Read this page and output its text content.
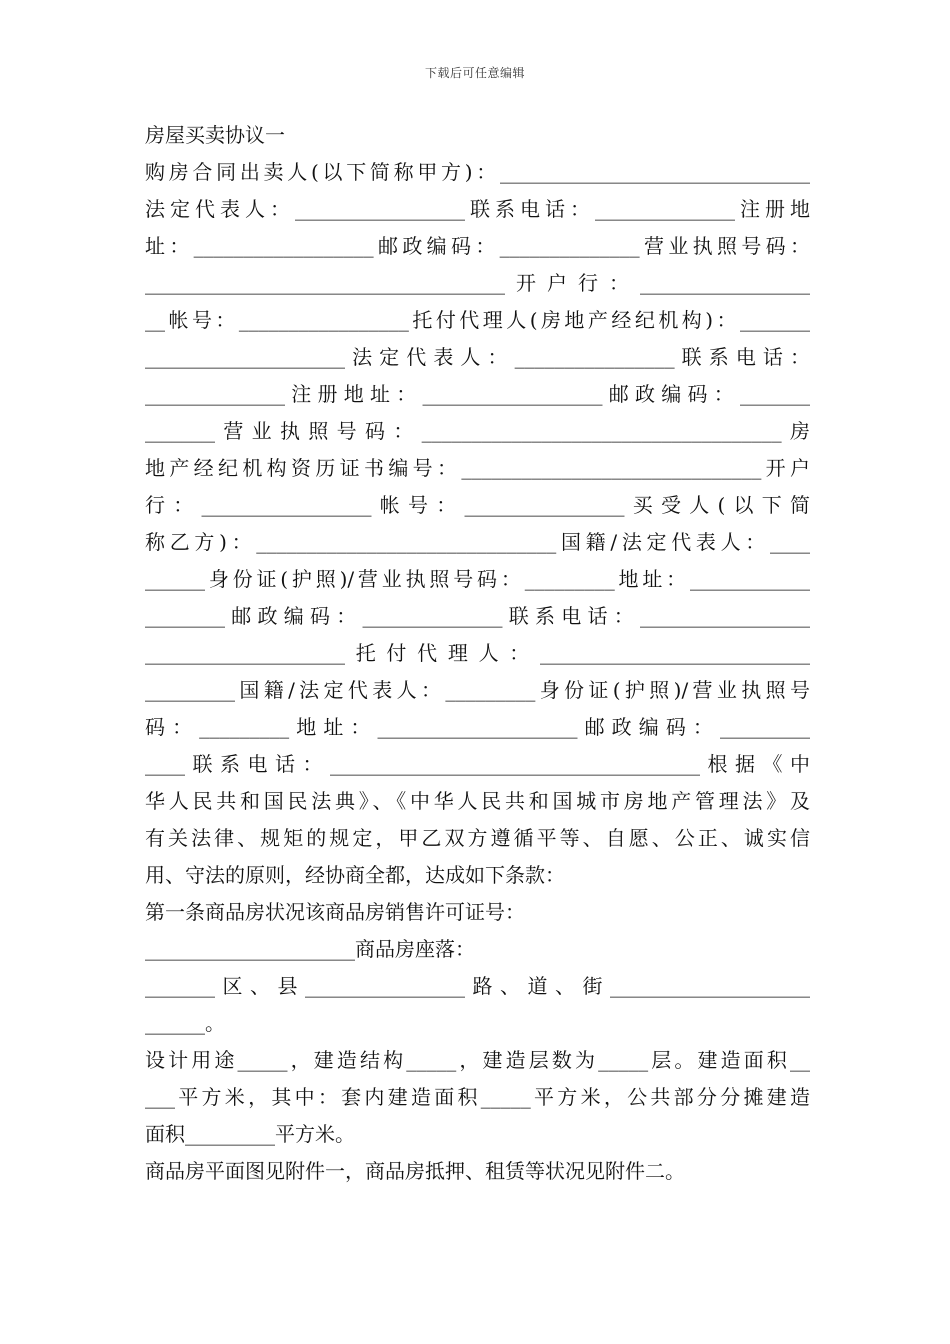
下载后可任意编辑
房屋买卖协议一
购房合同出卖人(以下简称甲方)：_______________________________
法定代表人：_________________联系电话：______________注册地
址：__________________邮政编码：______________营业执照号码：
____________________________________开户行：_________________
__帐号：_________________托付代理人(房地产经纪机构)：_______
____________________法定代表人：________________联系电话：
______________注册地址：__________________邮政编码：_______
_______营业执照号码：____________________________________房
地产经纪机构资历证书编号：______________________________开户
行：_________________帐号：________________买受人(以下简
称乙方)：______________________________国籍/法定代表人：____
______身份证(护照)/营业执照号码：_________地址：____________
________邮政编码：______________联系电话：_________________
____________________托付代理人：___________________________
_________国籍/法定代表人：_________身份证(护照)/营业执照号
码：_________地址：____________________邮政编码：_________
____联系电话：_____________________________________根据《中
华人民共和国民法典》、《中华人民共和国城市房地产管理法》及
有关法律、规矩的规定，甲乙双方遵循平等、自愿、公正、诚实信
用、守法的原则，经协商全都，达成如下条款：
第一条商品房状况该商品房销售许可证号：
_____________________商品房座落：
_______区、县________________路、道、街____________________
______。
设计用途_____，建造结构_____，建造层数为_____层。建造面积__
___平方米，其中：套内建造面积_____平方米，公共部分分摊建造
面积_________平方米。
商品房平面图见附件一，商品房抵押、租赁等状况见附件二。
